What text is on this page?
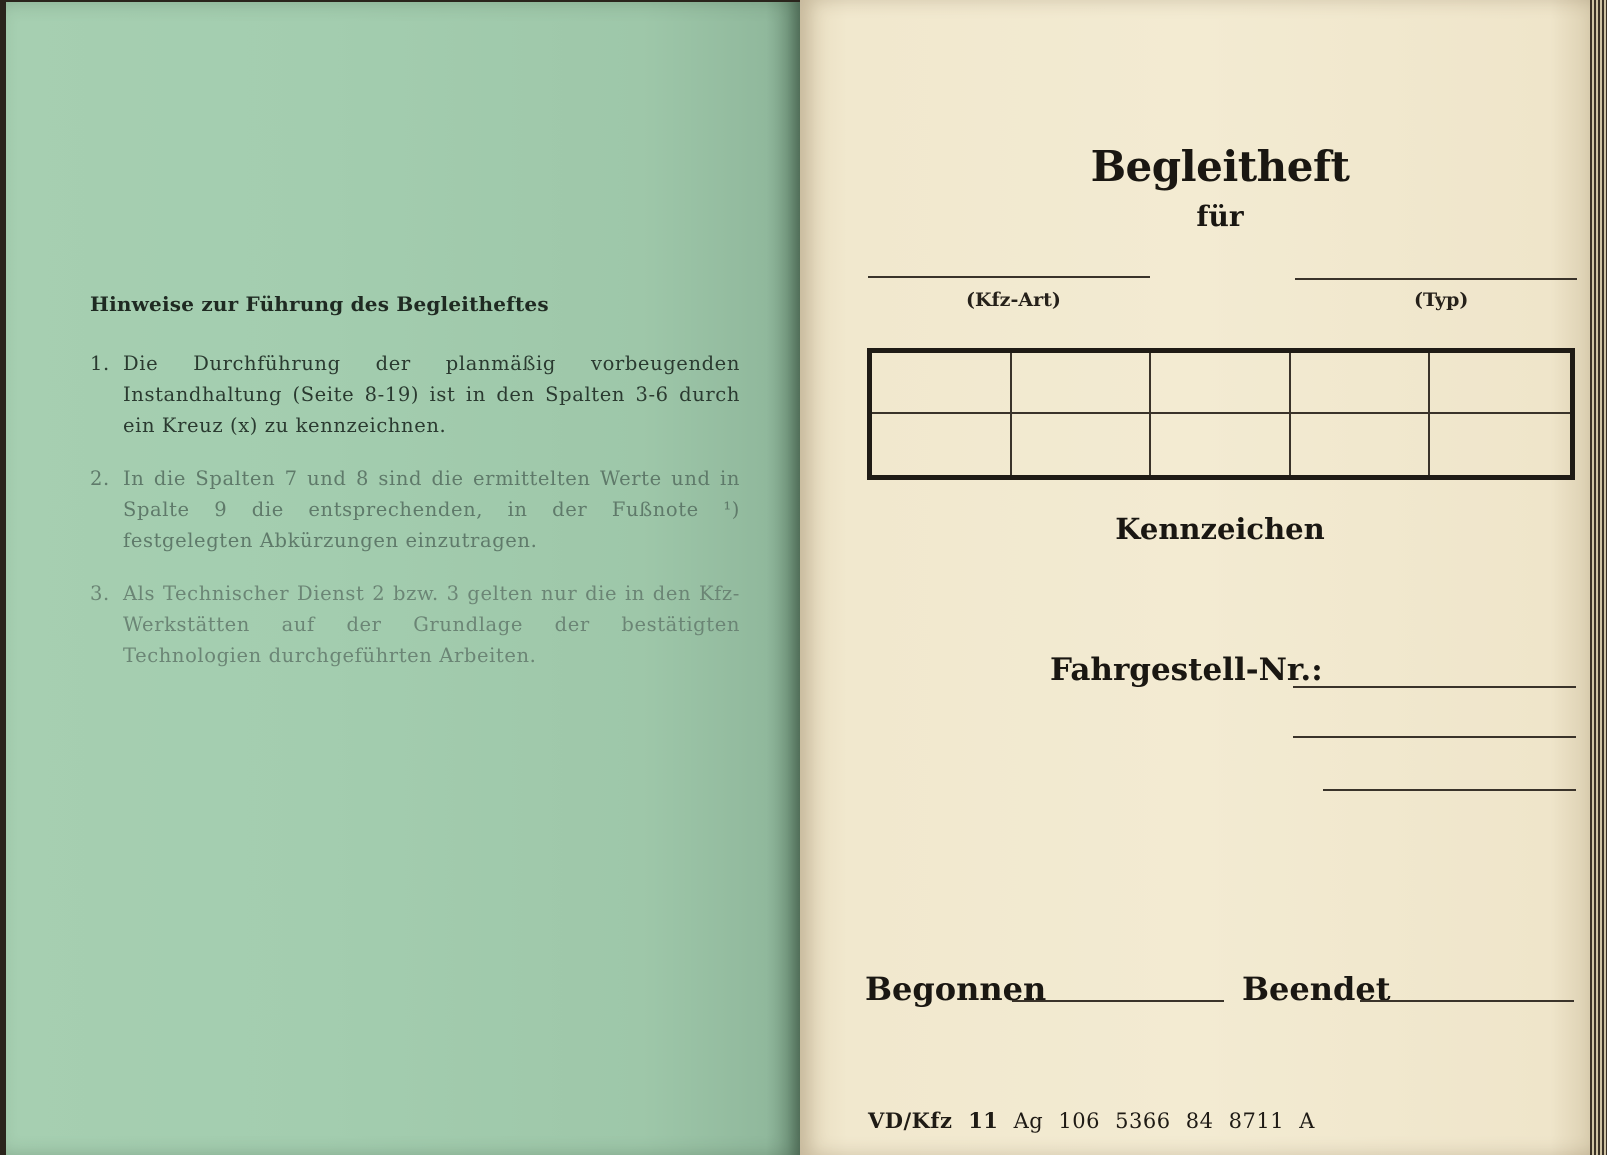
Hinweise zur Führung des Begleitheftes
1. Die Durchführung der planmäßig vorbeugenden Instandhaltung (Seite 8-19) ist in den Spalten 3-6 durch ein Kreuz (x) zu kennzeichnen.
2. In die Spalten 7 und 8 sind die ermittelten Werte und in Spalte 9 die entsprechenden, in der Fußnote ¹) festgelegten Abkürzungen einzutragen.
3. Als Technischer Dienst 2 bzw. 3 gelten nur die in den Kfz-Werkstätten auf der Grundlage der bestätigten Technologien durchgeführten Arbeiten.
Begleitheft
für
(Kfz-Art)	(Typ)
Kennzeichen
Fahrgestell-Nr.:
Begonnen	Beendet
VD/Kfz 11 Ag 106 5366 84 8711 A
